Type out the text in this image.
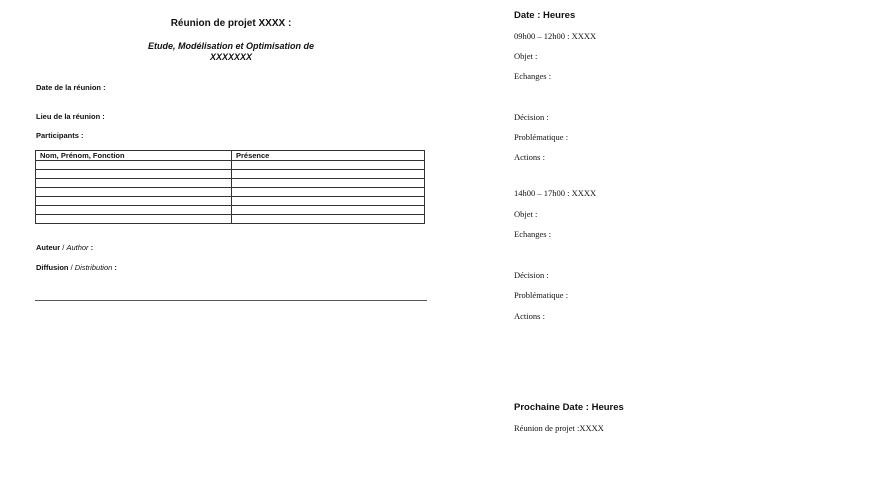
Réunion de projet XXXX :
Etude, Modélisation et Optimisation de
XXXXXXX
Date de la réunion :
Lieu de la réunion :
Participants :
Nom, Prénom, Fonction	Présence

Auteur / Author :
Diffusion / Distribution :
Date : Heures
09h00 – 12h00 : XXXX
Objet :
Echanges :
Décision :
Problématique :
Actions :
14h00 – 17h00 : XXXX
Objet :
Echanges :
Décision :
Problématique :
Actions :
Prochaine Date : Heures
Réunion de projet :XXXX
